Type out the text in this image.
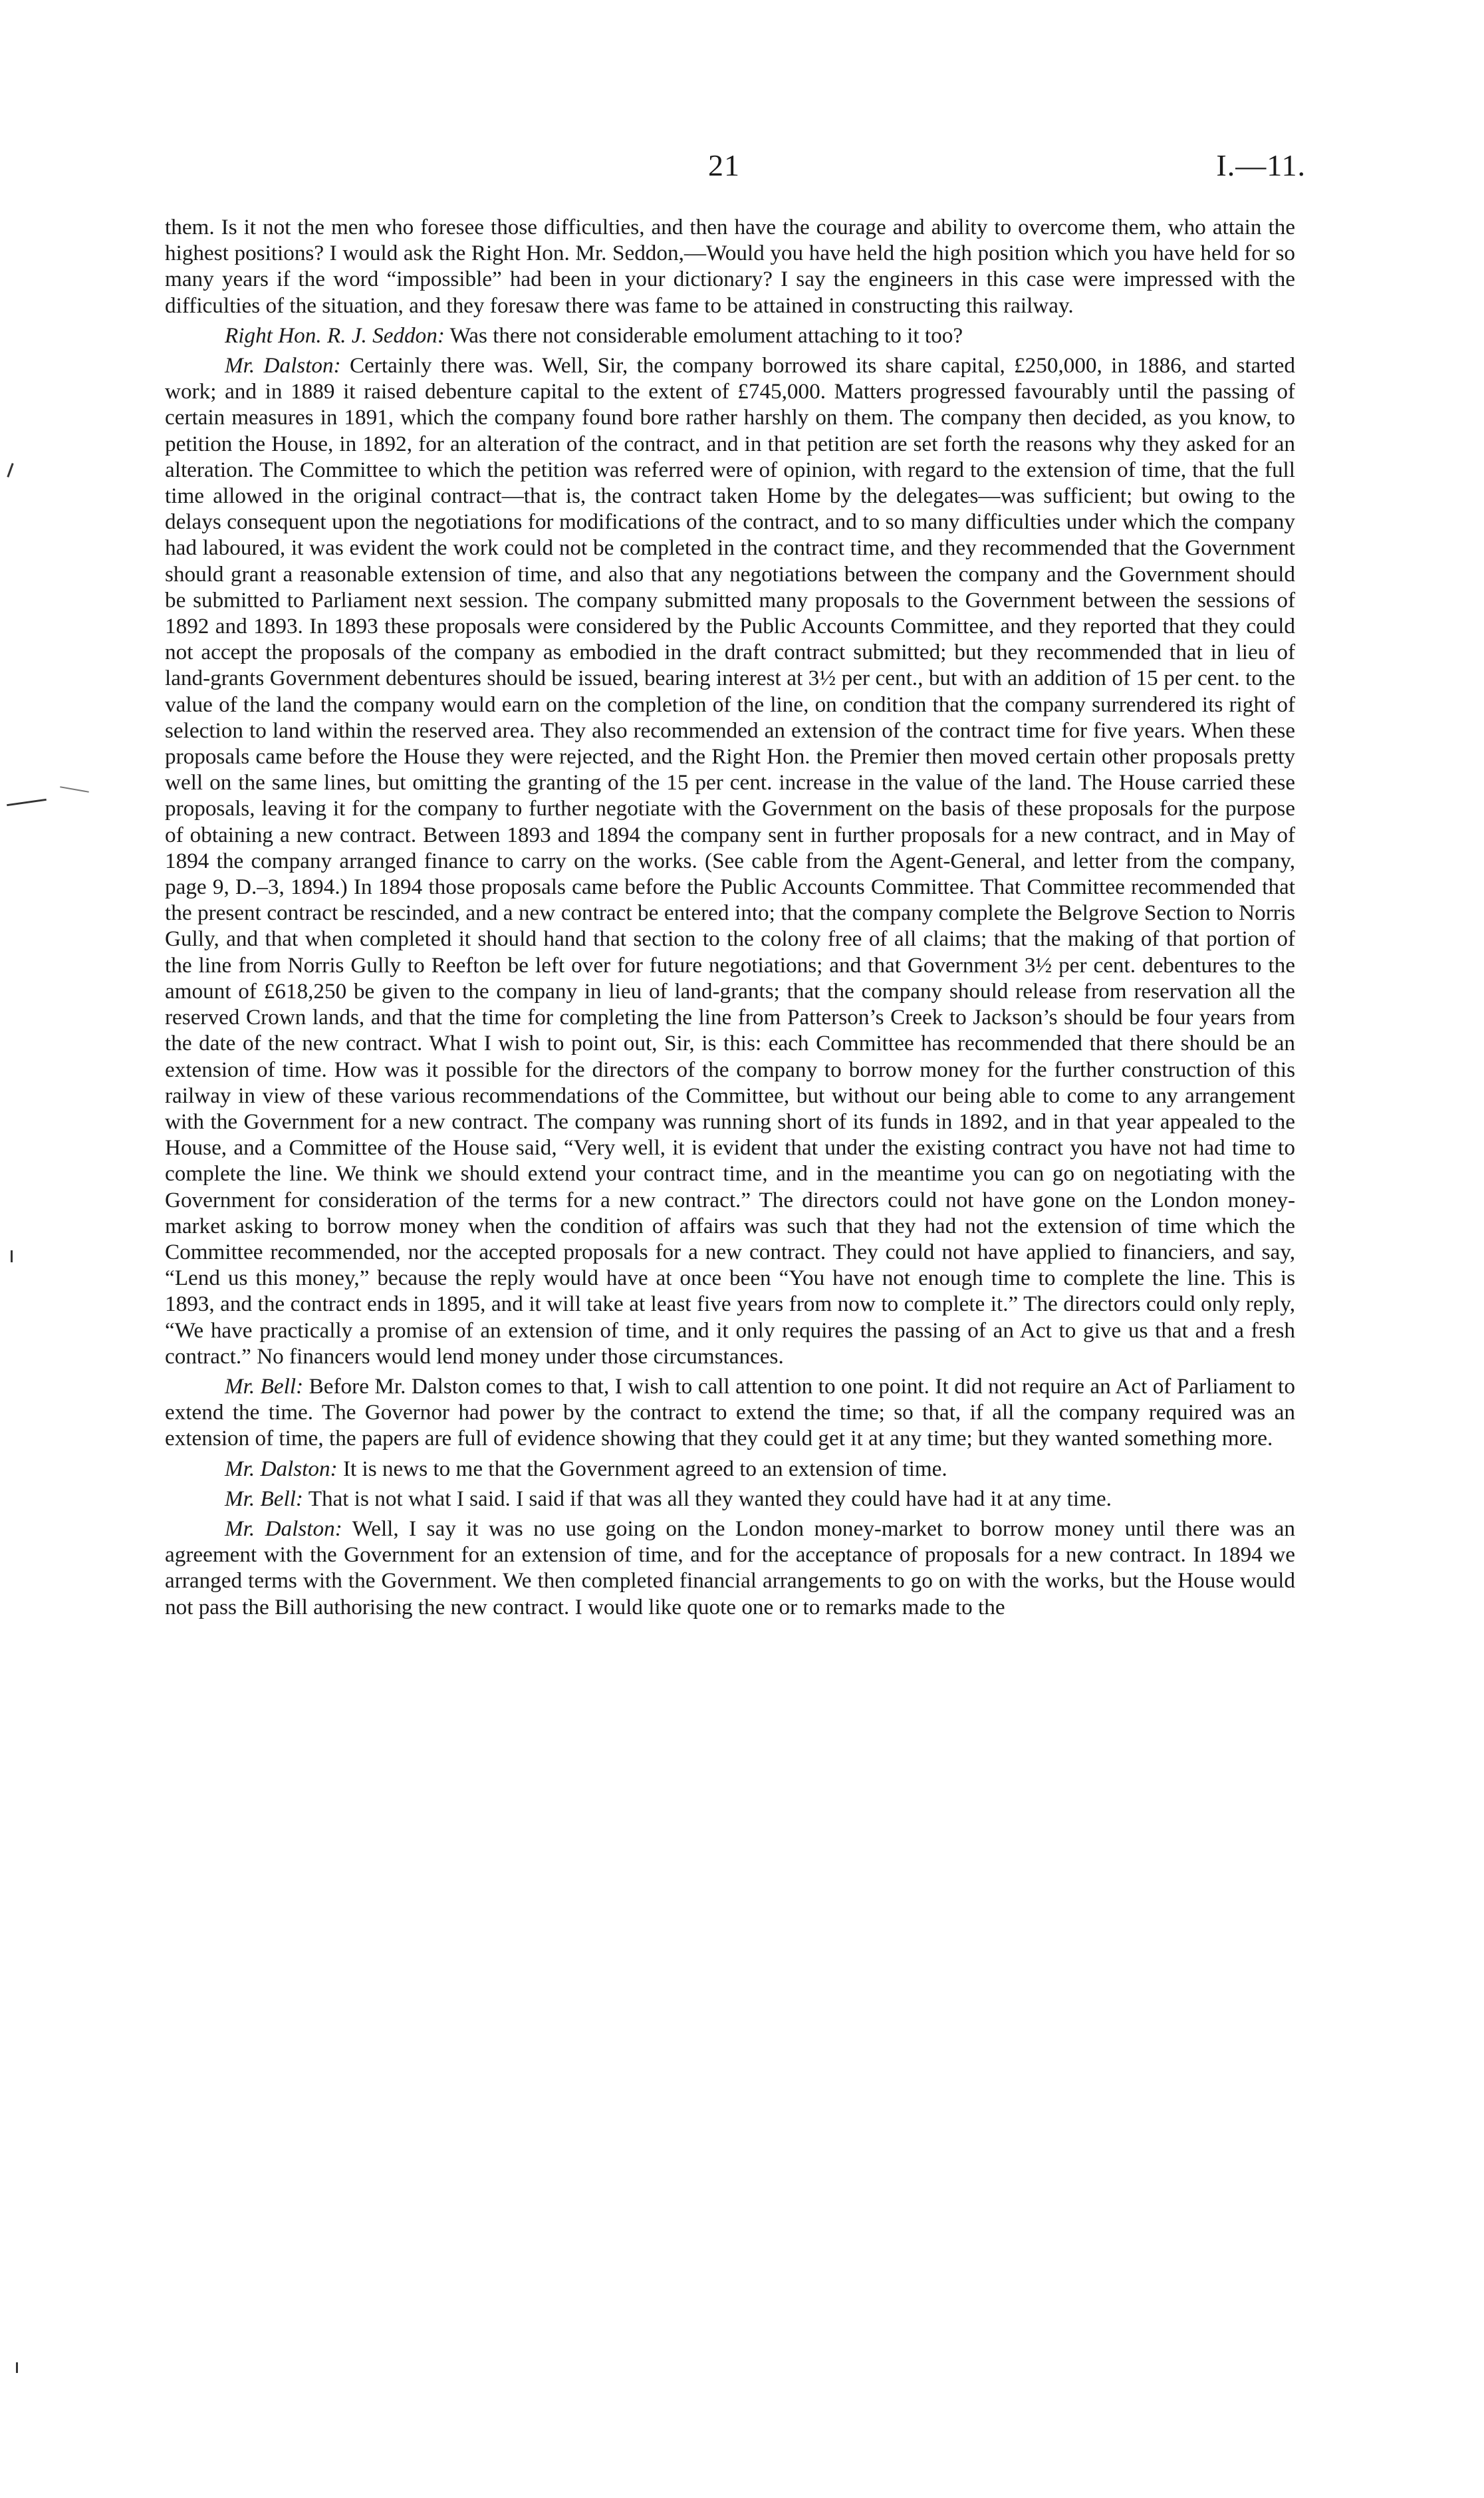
21	I.—11.

them. Is it not the men who foresee those difficulties, and then have the courage and ability to overcome them, who attain the highest positions? I would ask the Right Hon. Mr. Seddon,—Would you have held the high position which you have held for so many years if the word “impossible” had been in your dictionary? I say the engineers in this case were impressed with the difficulties of the situation, and they foresaw there was fame to be attained in constructing this railway.

Right Hon. R. J. Seddon: Was there not considerable emolument attaching to it too?

Mr. Dalston: Certainly there was. Well, Sir, the company borrowed its share capital, £250,000, in 1886, and started work; and in 1889 it raised debenture capital to the extent of £745,000. Matters progressed favourably until the passing of certain measures in 1891, which the company found bore rather harshly on them. The company then decided, as you know, to petition the House, in 1892, for an alteration of the contract, and in that petition are set forth the reasons why they asked for an alteration. The Committee to which the petition was referred were of opinion, with regard to the extension of time, that the full time allowed in the original contract—that is, the contract taken Home by the delegates—was sufficient; but owing to the delays consequent upon the negotiations for modifications of the contract, and to so many difficulties under which the company had laboured, it was evident the work could not be completed in the contract time, and they recommended that the Government should grant a reasonable extension of time, and also that any negotiations between the company and the Government should be submitted to Parliament next session. The company submitted many proposals to the Government between the sessions of 1892 and 1893. In 1893 these proposals were considered by the Public Accounts Committee, and they reported that they could not accept the proposals of the company as embodied in the draft contract submitted; but they recommended that in lieu of land-grants Government debentures should be issued, bearing interest at 3½ per cent., but with an addition of 15 per cent. to the value of the land the company would earn on the completion of the line, on condition that the company surrendered its right of selection to land within the reserved area. They also recommended an extension of the contract time for five years. When these proposals came before the House they were rejected, and the Right Hon. the Premier then moved certain other proposals pretty well on the same lines, but omitting the granting of the 15 per cent. increase in the value of the land. The House carried these proposals, leaving it for the company to further negotiate with the Government on the basis of these proposals for the purpose of obtaining a new contract. Between 1893 and 1894 the company sent in further proposals for a new contract, and in May of 1894 the company arranged finance to carry on the works. (See cable from the Agent-General, and letter from the company, page 9, D.–3, 1894.) In 1894 those proposals came before the Public Accounts Committee. That Committee recommended that the present contract be rescinded, and a new contract be entered into; that the company complete the Belgrove Section to Norris Gully, and that when completed it should hand that section to the colony free of all claims; that the making of that portion of the line from Norris Gully to Reefton be left over for future negotiations; and that Government 3½ per cent. debentures to the amount of £618,250 be given to the company in lieu of land-grants; that the company should release from reservation all the reserved Crown lands, and that the time for completing the line from Patterson’s Creek to Jackson’s should be four years from the date of the new contract. What I wish to point out, Sir, is this: each Committee has recommended that there should be an extension of time. How was it possible for the directors of the company to borrow money for the further construction of this railway in view of these various recommendations of the Committee, but without our being able to come to any arrangement with the Government for a new contract. The company was running short of its funds in 1892, and in that year appealed to the House, and a Committee of the House said, “Very well, it is evident that under the existing contract you have not had time to complete the line. We think we should extend your contract time, and in the meantime you can go on negotiating with the Government for consideration of the terms for a new contract.” The directors could not have gone on the London money-market asking to borrow money when the condition of affairs was such that they had not the extension of time which the Committee recommended, nor the accepted proposals for a new contract. They could not have applied to financiers, and say, “Lend us this money,” because the reply would have at once been “You have not enough time to complete the line. This is 1893, and the contract ends in 1895, and it will take at least five years from now to complete it.” The directors could only reply, “We have practically a promise of an extension of time, and it only requires the passing of an Act to give us that and a fresh contract.” No financers would lend money under those circumstances.

Mr. Bell: Before Mr. Dalston comes to that, I wish to call attention to one point. It did not require an Act of Parliament to extend the time. The Governor had power by the contract to extend the time; so that, if all the company required was an extension of time, the papers are full of evidence showing that they could get it at any time; but they wanted something more.

Mr. Dalston: It is news to me that the Government agreed to an extension of time.

Mr. Bell: That is not what I said. I said if that was all they wanted they could have had it at any time.

Mr. Dalston: Well, I say it was no use going on the London money-market to borrow money until there was an agreement with the Government for an extension of time, and for the acceptance of proposals for a new contract. In 1894 we arranged terms with the Government. We then completed financial arrangements to go on with the works, but the House would not pass the Bill authorising the new contract. I would like quote one or to remarks made to the
